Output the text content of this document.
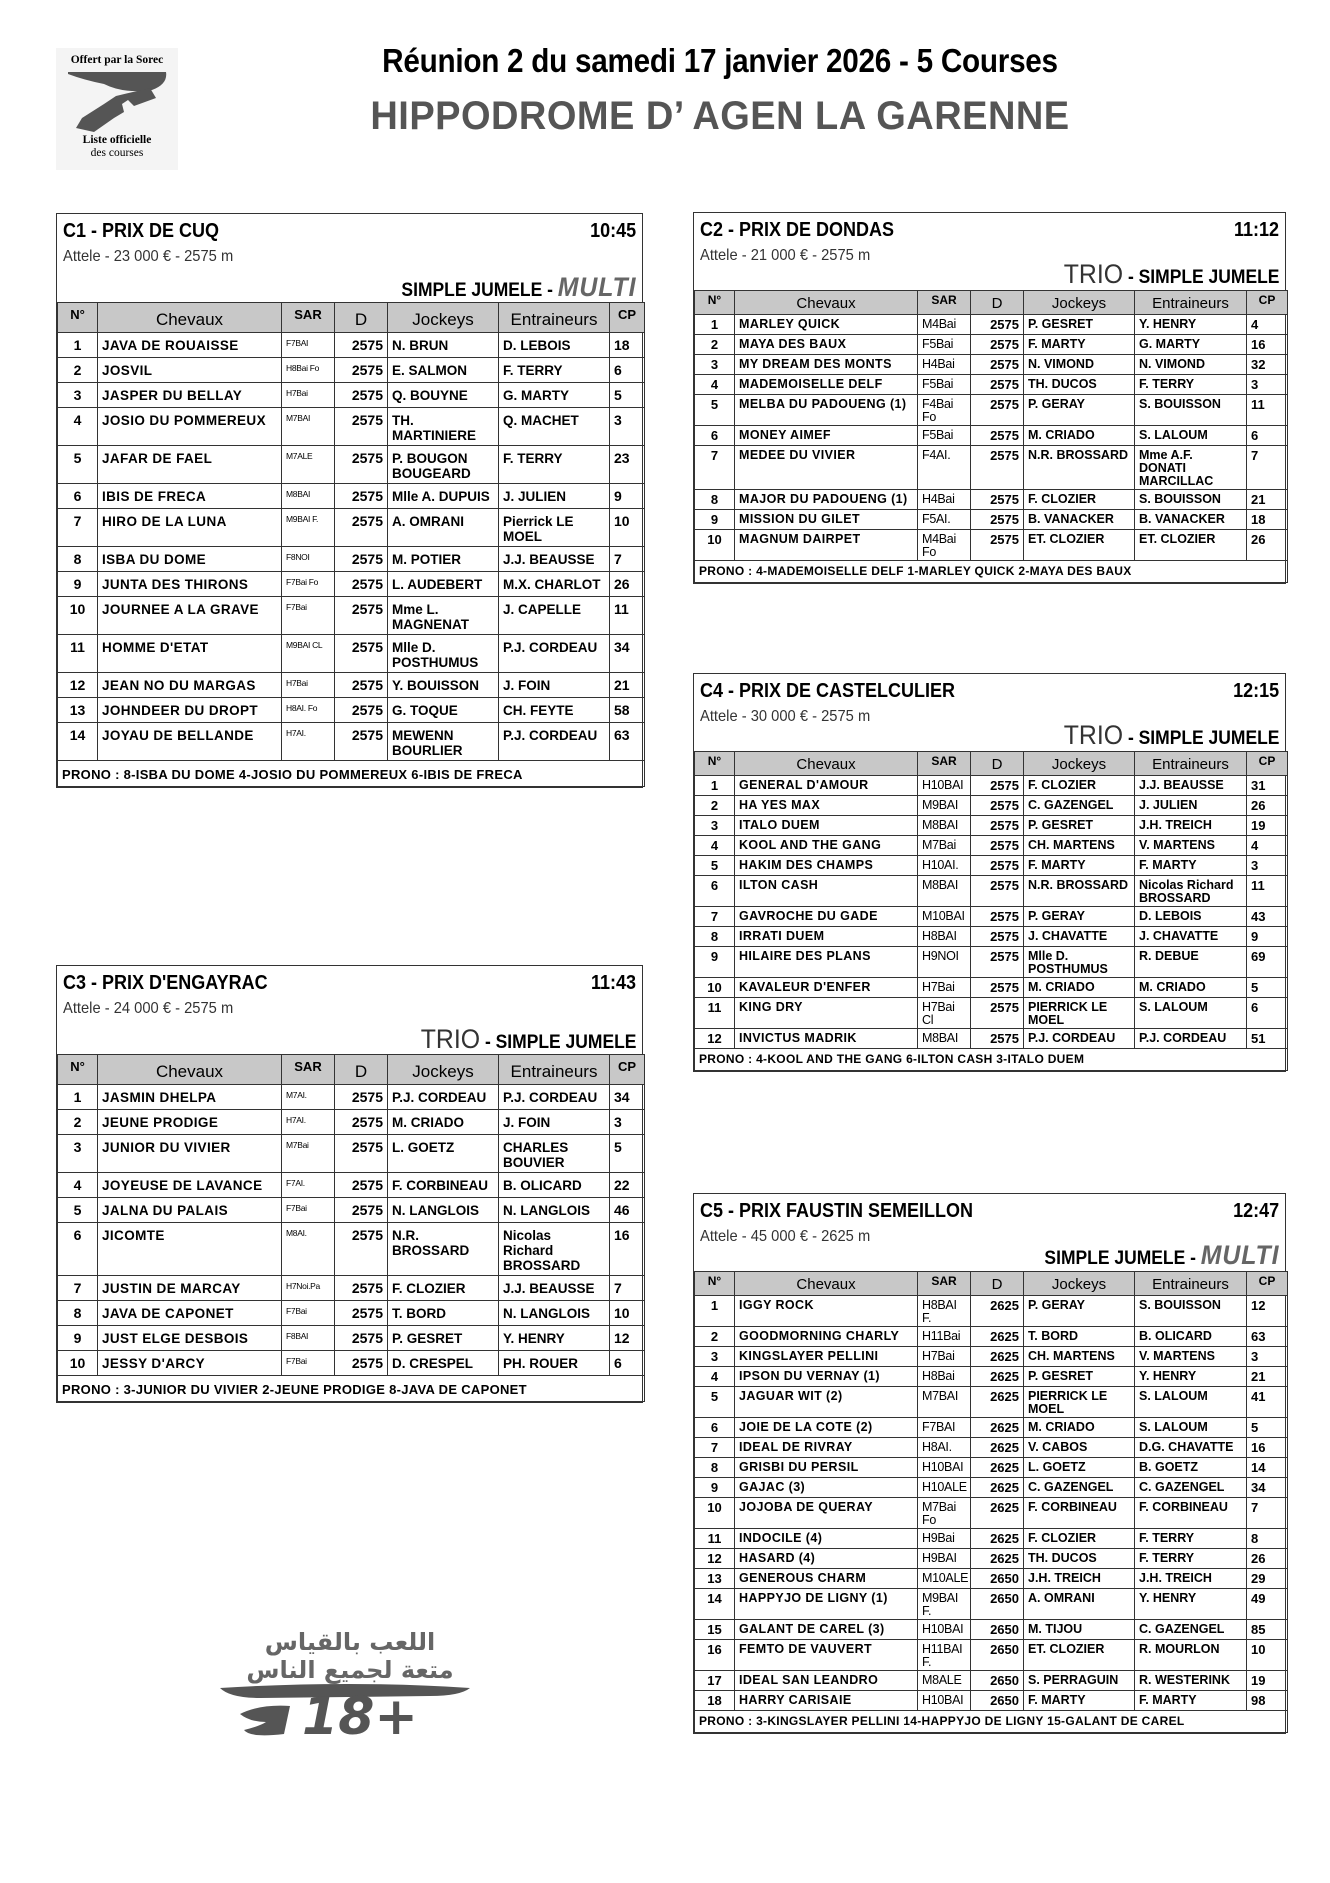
Offert par la Sorec
Liste officielle
des courses
Réunion 2 du samedi 17 janvier 2026 - 5 Courses
HIPPODROME D’ AGEN LA GARENNE
C1 - PRIX DE CUQ	10:45
Attele - 23 000 € - 2575 m
SIMPLE JUMELE - MULTI
N°	Chevaux	SAR	D	Jockeys	Entraineurs	CP
1	JAVA DE ROUAISSE	F7BAI	2575	N. BRUN	D. LEBOIS	18
2	JOSVIL	H8Bai Fo	2575	E. SALMON	F. TERRY	6
3	JASPER DU BELLAY	H7Bai	2575	Q. BOUYNE	G. MARTY	5
4	JOSIO DU POMMEREUX	M7BAI	2575	TH. MARTINIERE	Q. MACHET	3
5	JAFAR DE FAEL	M7ALE	2575	P. BOUGON BOUGEARD	F. TERRY	23
6	IBIS DE FRECA	M8BAI	2575	Mlle A. DUPUIS	J. JULIEN	9
7	HIRO DE LA LUNA	M9BAI F.	2575	A. OMRANI	Pierrick LE MOEL	10
8	ISBA DU DOME	F8NOI	2575	M. POTIER	J.J. BEAUSSE	7
9	JUNTA DES THIRONS	F7Bai Fo	2575	L. AUDEBERT	M.X. CHARLOT	26
10	JOURNEE A LA GRAVE	F7Bai	2575	Mme L. MAGNENAT	J. CAPELLE	11
11	HOMME D'ETAT	M9BAI CL	2575	Mlle D. POSTHUMUS	P.J. CORDEAU	34
12	JEAN NO DU MARGAS	H7Bai	2575	Y. BOUISSON	J. FOIN	21
13	JOHNDEER DU DROPT	H8AI. Fo	2575	G. TOQUE	CH. FEYTE	58
14	JOYAU DE BELLANDE	H7AI.	2575	MEWENN BOURLIER	P.J. CORDEAU	63
PRONO : 8-ISBA DU DOME 4-JOSIO DU POMMEREUX 6-IBIS DE FRECA						
C2 - PRIX DE DONDAS	11:12
Attele - 21 000 € - 2575 m
TRIO - SIMPLE JUMELE
N°	Chevaux	SAR	D	Jockeys	Entraineurs	CP
1	MARLEY QUICK	M4Bai	2575	P. GESRET	Y. HENRY	4
2	MAYA DES BAUX	F5Bai	2575	F. MARTY	G. MARTY	16
3	MY DREAM DES MONTS	H4Bai	2575	N. VIMOND	N. VIMOND	32
4	MADEMOISELLE DELF	F5Bai	2575	TH. DUCOS	F. TERRY	3
5	MELBA DU PADOUENG (1)	F4Bai Fo	2575	P. GERAY	S. BOUISSON	11
6	MONEY AIMEF	F5Bai	2575	M. CRIADO	S. LALOUM	6
7	MEDEE DU VIVIER	F4AI.	2575	N.R. BROSSARD	Mme A.F. DONATI MARCILLAC	7
8	MAJOR DU PADOUENG (1)	H4Bai	2575	F. CLOZIER	S. BOUISSON	21
9	MISSION DU GILET	F5AI.	2575	B. VANACKER	B. VANACKER	18
10	MAGNUM DAIRPET	M4Bai Fo	2575	ET. CLOZIER	ET. CLOZIER	26
PRONO : 4-MADEMOISELLE DELF 1-MARLEY QUICK 2-MAYA DES BAUX						
C3 - PRIX D'ENGAYRAC	11:43
Attele - 24 000 € - 2575 m
TRIO - SIMPLE JUMELE
N°	Chevaux	SAR	D	Jockeys	Entraineurs	CP
1	JASMIN DHELPA	M7AI.	2575	P.J. CORDEAU	P.J. CORDEAU	34
2	JEUNE PRODIGE	H7AI.	2575	M. CRIADO	J. FOIN	3
3	JUNIOR DU VIVIER	M7Bai	2575	L. GOETZ	CHARLES BOUVIER	5
4	JOYEUSE DE LAVANCE	F7AI.	2575	F. CORBINEAU	B. OLICARD	22
5	JALNA DU PALAIS	F7Bai	2575	N. LANGLOIS	N. LANGLOIS	46
6	JICOMTE	M8AI.	2575	N.R. BROSSARD	Nicolas Richard BROSSARD	16
7	JUSTIN DE MARCAY	H7Noi.Pa	2575	F. CLOZIER	J.J. BEAUSSE	7
8	JAVA DE CAPONET	F7Bai	2575	T. BORD	N. LANGLOIS	10
9	JUST ELGE DESBOIS	F8BAI	2575	P. GESRET	Y. HENRY	12
10	JESSY D'ARCY	F7Bai	2575	D. CRESPEL	PH. ROUER	6
PRONO : 3-JUNIOR DU VIVIER 2-JEUNE PRODIGE 8-JAVA DE CAPONET						
C4 - PRIX DE CASTELCULIER	12:15
Attele - 30 000 € - 2575 m
TRIO - SIMPLE JUMELE
N°	Chevaux	SAR	D	Jockeys	Entraineurs	CP
1	GENERAL D'AMOUR	H10BAI	2575	F. CLOZIER	J.J. BEAUSSE	31
2	HA YES MAX	M9BAI	2575	C. GAZENGEL	J. JULIEN	26
3	ITALO DUEM	M8BAI	2575	P. GESRET	J.H. TREICH	19
4	KOOL AND THE GANG	M7Bai	2575	CH. MARTENS	V. MARTENS	4
5	HAKIM DES CHAMPS	H10AI.	2575	F. MARTY	F. MARTY	3
6	ILTON CASH	M8BAI	2575	N.R. BROSSARD	Nicolas Richard BROSSARD	11
7	GAVROCHE DU GADE	M10BAI	2575	P. GERAY	D. LEBOIS	43
8	IRRATI DUEM	H8BAI	2575	J. CHAVATTE	J. CHAVATTE	9
9	HILAIRE DES PLANS	H9NOI	2575	Mlle D. POSTHUMUS	R. DEBUE	69
10	KAVALEUR D'ENFER	H7Bai	2575	M. CRIADO	M. CRIADO	5
11	KING DRY	H7Bai Cl	2575	PIERRICK LE MOEL	S. LALOUM	6
12	INVICTUS MADRIK	M8BAI	2575	P.J. CORDEAU	P.J. CORDEAU	51
PRONO : 4-KOOL AND THE GANG 6-ILTON CASH 3-ITALO DUEM						
C5 - PRIX FAUSTIN SEMEILLON	12:47
Attele - 45 000 € - 2625 m
SIMPLE JUMELE - MULTI
N°	Chevaux	SAR	D	Jockeys	Entraineurs	CP
1	IGGY ROCK	H8BAI F.	2625	P. GERAY	S. BOUISSON	12
2	GOODMORNING CHARLY	H11Bai	2625	T. BORD	B. OLICARD	63
3	KINGSLAYER PELLINI	H7Bai	2625	CH. MARTENS	V. MARTENS	3
4	IPSON DU VERNAY (1)	H8Bai	2625	P. GESRET	Y. HENRY	21
5	JAGUAR WIT (2)	M7BAI	2625	PIERRICK LE MOEL	S. LALOUM	41
6	JOIE DE LA COTE (2)	F7BAI	2625	M. CRIADO	S. LALOUM	5
7	IDEAL DE RIVRAY	H8AI.	2625	V. CABOS	D.G. CHAVATTE	16
8	GRISBI DU PERSIL	H10BAI	2625	L. GOETZ	B. GOETZ	14
9	GAJAC (3)	H10ALE	2625	C. GAZENGEL	C. GAZENGEL	34
10	JOJOBA DE QUERAY	M7Bai Fo	2625	F. CORBINEAU	F. CORBINEAU	7
11	INDOCILE (4)	H9Bai	2625	F. CLOZIER	F. TERRY	8
12	HASARD (4)	H9BAI	2625	TH. DUCOS	F. TERRY	26
13	GENEROUS CHARM	M10ALE	2650	J.H. TREICH	J.H. TREICH	29
14	HAPPYJO DE LIGNY (1)	M9BAI F.	2650	A. OMRANI	Y. HENRY	49
15	GALANT DE CAREL (3)	H10BAI	2650	M. TIJOU	C. GAZENGEL	85
16	FEMTO DE VAUVERT	H11BAI F.	2650	ET. CLOZIER	R. MOURLON	10
17	IDEAL SAN LEANDRO	M8ALE	2650	S. PERRAGUIN	R. WESTERINK	19
18	HARRY CARISAIE	H10BAI	2650	F. MARTY	F. MARTY	98
PRONO : 3-KINGSLAYER PELLINI 14-HAPPYJO DE LIGNY 15-GALANT DE CAREL						
اللعب بالقياس
متعة لجميع الناس
18+
